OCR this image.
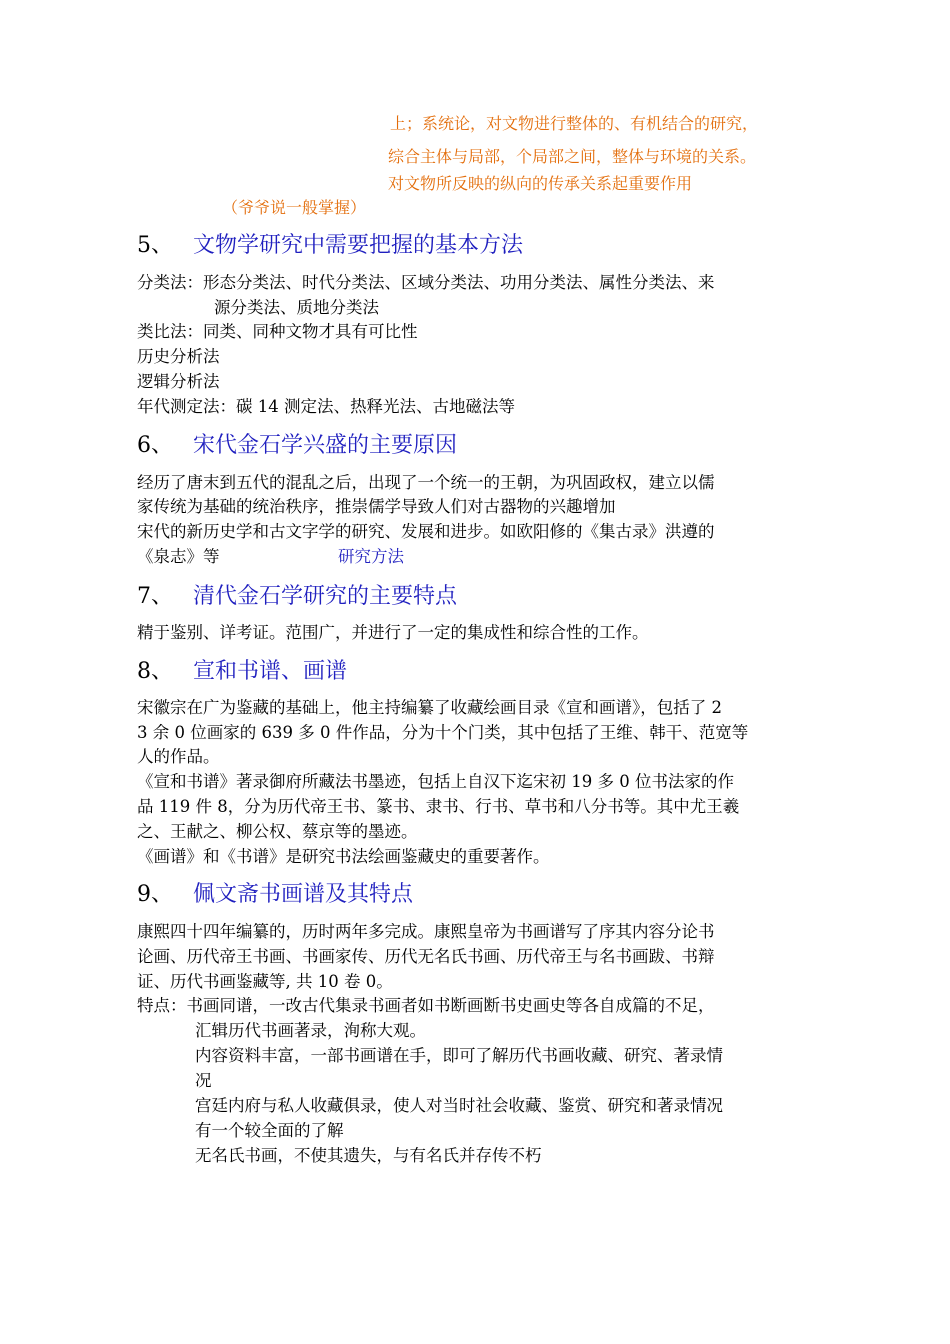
上；系统论，对文物进行整体的、有机结合的研究，
综合主体与局部，个局部之间，整体与环境的关系。
对文物所反映的纵向的传承关系起重要作用
（爷爷说一般掌握）
5、 文物学研究中需要把握的基本方法
分类法：形态分类法、时代分类法、区域分类法、功用分类法、属性分类法、来
源分类法、质地分类法
类比法：同类、同种文物才具有可比性
历史分析法
逻辑分析法
年代测定法：碳 14 测定法、热释光法、古地磁法等
6、 宋代金石学兴盛的主要原因
经历了唐末到五代的混乱之后，出现了一个统一的王朝，为巩固政权，建立以儒
家传统为基础的统治秩序，推崇儒学导致人们对古器物的兴趣增加
宋代的新历史学和古文字学的研究、发展和进步。如欧阳修的《集古录》洪遵的
《泉志》等	研究方法
7、 清代金石学研究的主要特点
精于鉴别、详考证。范围广，并进行了一定的集成性和综合性的工作。
8、 宣和书谱、画谱
宋徽宗在广为鉴藏的基础上，他主持编纂了收藏绘画目录《宣和画谱》，包括了 2
3 余 0 位画家的 639 多 0 件作品，分为十个门类，其中包括了王维、韩干、范宽等
人的作品。
《宣和书谱》著录御府所藏法书墨迹，包括上自汉下迄宋初 19 多 0 位书法家的作
品 119 件 8，分为历代帝王书、篆书、隶书、行书、草书和八分书等。其中尤王羲
之、王献之、柳公权、蔡京等的墨迹。
《画谱》和《书谱》是研究书法绘画鉴藏史的重要著作。
9、 佩文斋书画谱及其特点
康熙四十四年编纂的，历时两年多完成。康熙皇帝为书画谱写了序其内容分论书
论画、历代帝王书画、书画家传、历代无名氏书画、历代帝王与名书画跋、书辩
证、历代书画鉴藏等, 共 10 卷 0。
特点：书画同谱，一改古代集录书画者如书断画断书史画史等各自成篇的不足，
汇辑历代书画著录，洵称大观。
内容资料丰富，一部书画谱在手，即可了解历代书画收藏、研究、著录情
况
宫廷内府与私人收藏俱录，使人对当时社会收藏、鉴赏、研究和著录情况
有一个较全面的了解
无名氏书画，不使其遗失，与有名氏并存传不朽
